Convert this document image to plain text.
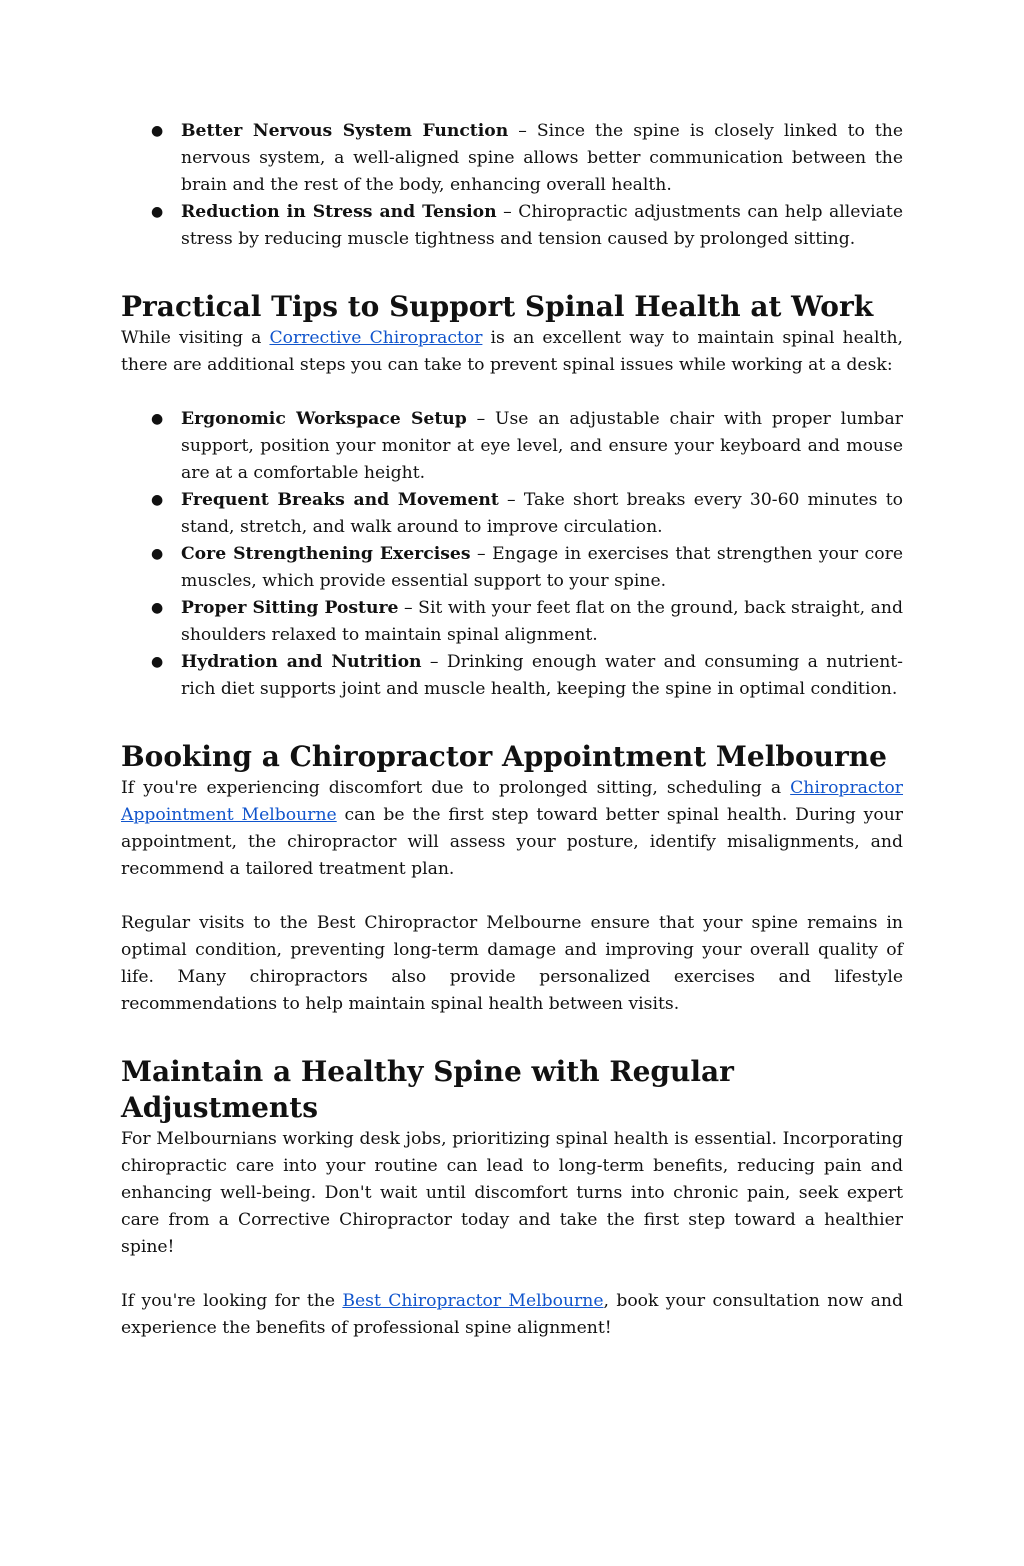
● Better Nervous System Function – Since the spine is closely linked to the nervous system, a well-aligned spine allows better communication between the brain and the rest of the body, enhancing overall health.
● Reduction in Stress and Tension – Chiropractic adjustments can help alleviate stress by reducing muscle tightness and tension caused by prolonged sitting.
Practical Tips to Support Spinal Health at Work

While visiting a Corrective Chiropractor is an excellent way to maintain spinal health, there are additional steps you can take to prevent spinal issues while working at a desk:

● Ergonomic Workspace Setup – Use an adjustable chair with proper lumbar support, position your monitor at eye level, and ensure your keyboard and mouse are at a comfortable height.
● Frequent Breaks and Movement – Take short breaks every 30-60 minutes to stand, stretch, and walk around to improve circulation.
● Core Strengthening Exercises – Engage in exercises that strengthen your core muscles, which provide essential support to your spine.
● Proper Sitting Posture – Sit with your feet flat on the ground, back straight, and shoulders relaxed to maintain spinal alignment.
● Hydration and Nutrition – Drinking enough water and consuming a nutrient-rich diet supports joint and muscle health, keeping the spine in optimal condition.
Booking a Chiropractor Appointment Melbourne

If you're experiencing discomfort due to prolonged sitting, scheduling a Chiropractor Appointment Melbourne can be the first step toward better spinal health. During your appointment, the chiropractor will assess your posture, identify misalignments, and recommend a tailored treatment plan.

Regular visits to the Best Chiropractor Melbourne ensure that your spine remains in optimal condition, preventing long-term damage and improving your overall quality of life. Many chiropractors also provide personalized exercises and lifestyle recommendations to help maintain spinal health between visits.

Maintain a Healthy Spine with Regular Adjustments

For Melbournians working desk jobs, prioritizing spinal health is essential. Incorporating chiropractic care into your routine can lead to long-term benefits, reducing pain and enhancing well-being. Don't wait until discomfort turns into chronic pain, seek expert care from a Corrective Chiropractor today and take the first step toward a healthier spine!

If you're looking for the Best Chiropractor Melbourne, book your consultation now and experience the benefits of professional spine alignment!
